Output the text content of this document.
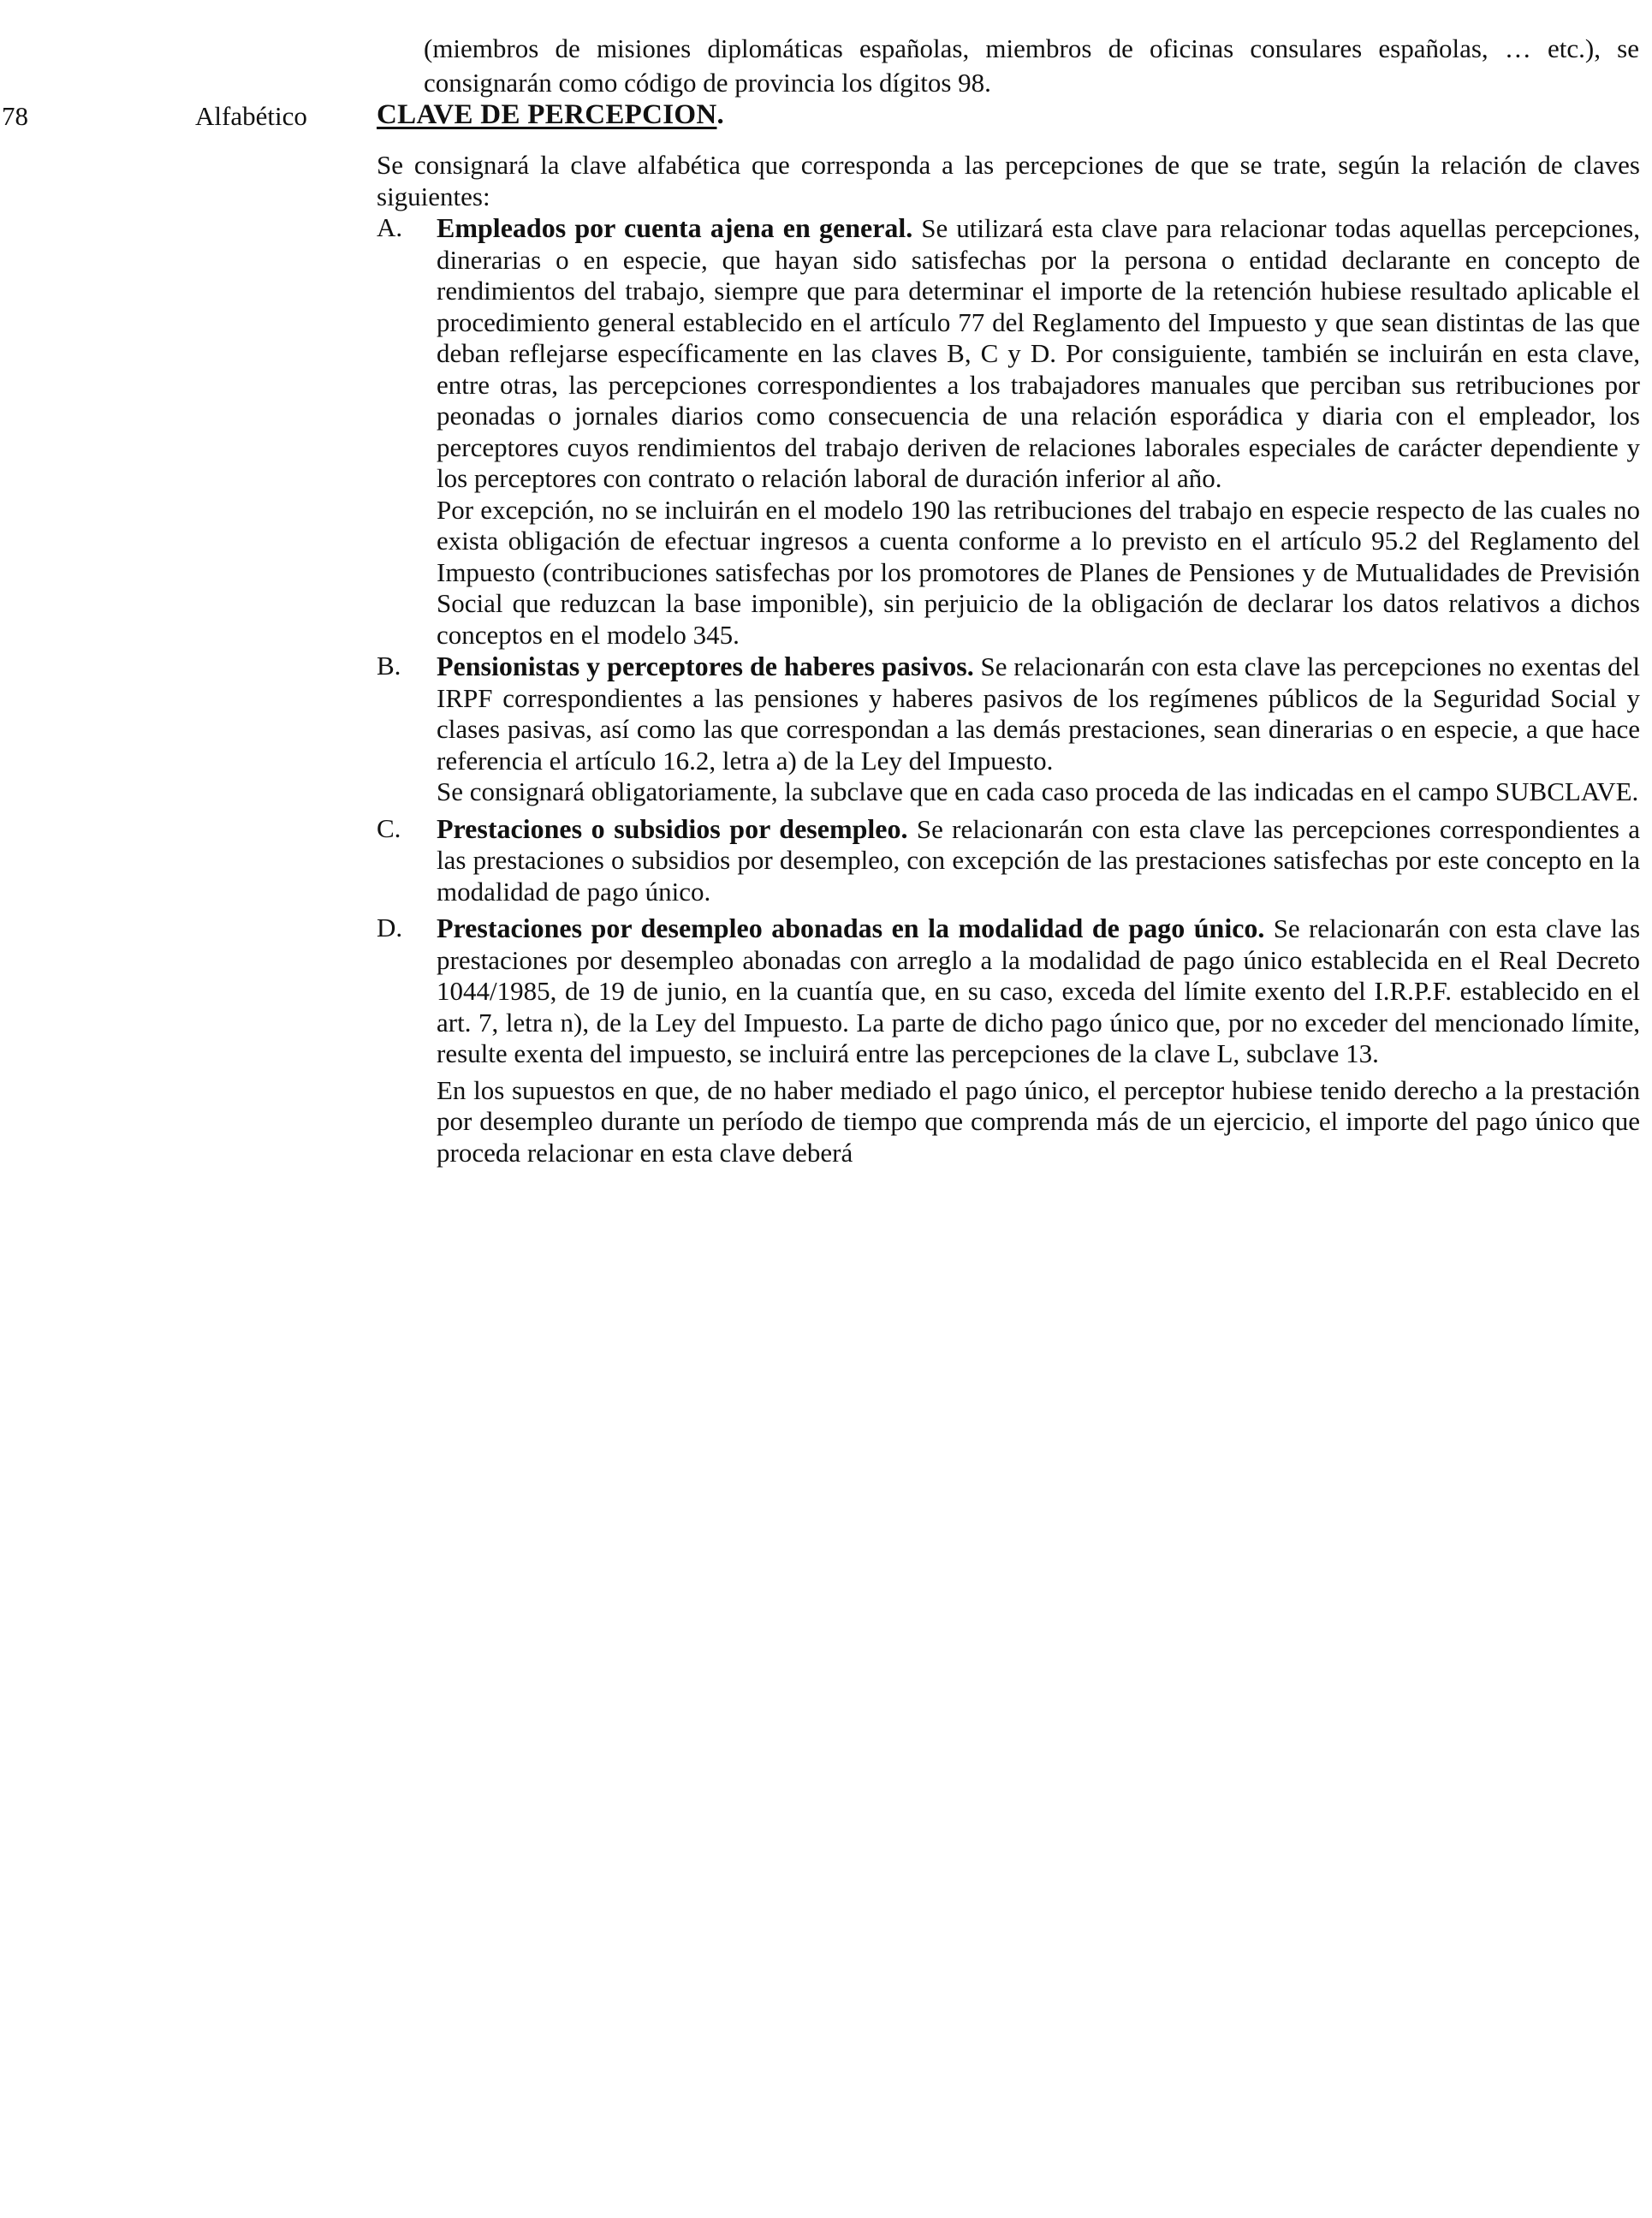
(miembros de misiones diplomáticas españolas, miembros de oficinas consulares españolas, … etc.), se consignarán como código de provincia los dígitos 98.

78	Alfabético CLAVE DE PERCEPCION.

Se consignará la clave alfabética que corresponda a las percepciones de que se trate, según la relación de claves siguientes:

A. Empleados por cuenta ajena en general. Se utilizará esta clave para relacionar todas aquellas percepciones, dinerarias o en especie, que hayan sido satisfechas por la persona o entidad declarante en concepto de rendimientos del trabajo, siempre que para determinar el importe de la retención hubiese resultado aplicable el procedimiento general establecido en el artículo 77 del Reglamento del Impuesto y que sean distintas de las que deban reflejarse específicamente en las claves B, C y D. Por consiguiente, también se incluirán en esta clave, entre otras, las percepciones correspondientes a los trabajadores manuales que perciban sus retribuciones por peonadas o jornales diarios como consecuencia de una relación esporádica y diaria con el empleador, los perceptores cuyos rendimientos del trabajo deriven de relaciones laborales especiales de carácter dependiente y los perceptores con contrato o relación laboral de duración inferior al año.

Por excepción, no se incluirán en el modelo 190 las retribuciones del trabajo en especie respecto de las cuales no exista obligación de efectuar ingresos a cuenta conforme a lo previsto en el artículo 95.2 del Reglamento del Impuesto (contribuciones satisfechas por los promotores de Planes de Pensiones y de Mutualidades de Previsión Social que reduzcan la base imponible), sin perjuicio de la obligación de declarar los datos relativos a dichos conceptos en el modelo 345.

B. Pensionistas y perceptores de haberes pasivos. Se relacionarán con esta clave las percepciones no exentas del IRPF correspondientes a las pensiones y haberes pasivos de los regímenes públicos de la Seguridad Social y clases pasivas, así como las que correspondan a las demás prestaciones, sean dinerarias o en especie, a que hace referencia el artículo 16.2, letra a) de la Ley del Impuesto.

Se consignará obligatoriamente, la subclave que en cada caso proceda de las indicadas en el campo SUBCLAVE.

C. Prestaciones o subsidios por desempleo. Se relacionarán con esta clave las percepciones correspondientes a las prestaciones o subsidios por desempleo, con excepción de las prestaciones satisfechas por este concepto en la modalidad de pago único.

D. Prestaciones por desempleo abonadas en la modalidad de pago único. Se relacionarán con esta clave las prestaciones por desempleo abonadas con arreglo a la modalidad de pago único establecida en el Real Decreto 1044/1985, de 19 de junio, en la cuantía que, en su caso, exceda del límite exento del I.R.P.F. establecido en el art. 7, letra n), de la Ley del Impuesto. La parte de dicho pago único que, por no exceder del mencionado límite, resulte exenta del impuesto, se incluirá entre las percepciones de la clave L, subclave 13.

En los supuestos en que, de no haber mediado el pago único, el perceptor hubiese tenido derecho a la prestación por desempleo durante un período de tiempo que comprenda más de un ejercicio, el importe del pago único que proceda relacionar en esta clave deberá
